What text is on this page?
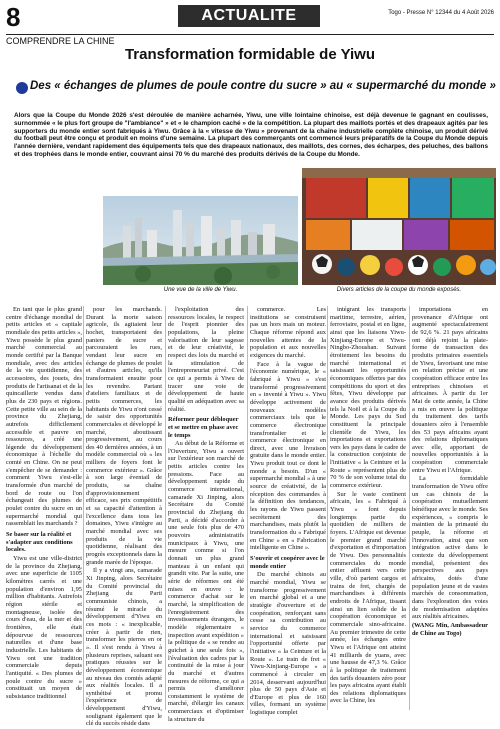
8	ACTUALITE	Togo - Presse N° 12344 du 4 Août 2026
COMPRENDRE LA CHINE
Transformation formidable de Yiwu
Des « échanges de plumes de poule contre du sucre » au « supermarché du monde »
Alors que la Coupe du Monde 2026 s'est déroulée de manière acharnée, Yiwu, une ville lointaine chinoise, est déjà devenue le gagnant en coulisses, surnommée « le plus fort groupe de "l'ambiance" » et « le champion caché » de la compétition. La plupart des maillots portés et des drapeaux agités par les supporters du monde entier sont fabriqués à Yiwu. Grâce à la « vitesse de Yiwu » provenant de la chaîne industrielle complète chinoise, un produit dérivé du football peut être conçu et produit en moins d'une semaine. La plupart des commerçants ont commencé leurs préparatifs de la Coupe du Monde depuis l'année dernière, vendant rapidement des équipements tels que des drapeaux nationaux, des maillots, des cornes, des écharpes, des peluches, des ballons et des trophées dans le monde entier, couvrant ainsi 70 % du marché des produits dérivés de la Coupe du Monde.
Une vue de la ville de Yiwu.	Divers articles de la coupe du monde exposés.

En tant que le plus grand centre d'échange mondial de petits articles et « capitale mondiale des petits articles », Yiwu possède le plus grand marché commercial au monde certifié par la Banque mondiale, avec des articles de la vie quotidienne, des accessoires, des jouets, des produits de l'artisanat et de la quincaillerie vendus dans plus de 230 pays et régions. Cette petite ville au sein de la province du Zhejiang, autrefois difficilement accessible et pauvre en ressources, a créé une légende du développement économique à l'échelle du comté en Chine. On ne peut s'empêcher de se demander : comment Yiwu s'est-elle transformée d'un marché de bord de route ou l'on échangeait des plumes de poulet contre du sucre en un supermarché mondial qui rassemblait les marchands ?

Se baser sur la réalité et s'adapter aux conditions locales.

Yiwu est une ville-district de la province du Zhejiang, avec une superficie de 1105 kilomètres carrés et une population d'environ 1,95 million d'habitants. Autrefois région stérile et montagneuse, isolée des cours d'eau, de la mer et des frontières, elle était dépourvue de ressources naturelles et d'une base industrielle. Les habitants de Yiwu ont une tradition commerciale depuis l'antiquité. « Des plumes de poule contre du sucre » constituait un moyen de subsistance traditionnel

pour les marchands. Durant la morte saison agricole, ils agitaient leur hochet, transportaient des paniers de sucre et parcouraient les rues, vendant leur sucre en échange de plumes de poulet et d'autres articles, qu'ils transformaient ensuite pour les revendre. Partant d'ateliers familiaux et de petits commerces, les habitants de Yiwu n'ont cessé de saisir des opportunités commerciales et développé le marché, aboutissant progressivement, au cours des 40 dernières années, à un modèle commercial où « les milliers de foyers font le commerce extérieur ». Grâce à son large éventail de produits, sa chaîne d'approvisionnement efficace, ses prix compétitifs et sa capacité d'attention à l'excellence dans tous les domaines, Yiwu s'intègre au marché mondial avec ses produits de la vie quotidienne, réalisant des progrès exceptionnels dans la grande marée de l'époque.

Il y a vingt ans, camarade Xi Jinping, alors Secrétaire du Comité provincial du Zhejiang du Parti communiste chinois, a résumé le miracle du développement d'Yiwu en ces mots : « inexplicable, créer à partir de rien, transformer les pierres en or ». Il s'est rendu à Yiwu à plusieurs reprises, saluant ses pratiques réussies sur le développement économique au niveau des comtés adapté aux réalités locales. Il a synthétisé et promu l'expérience de développement d'Yiwu, soulignant également que le clé du succès réside dans

l'exploitation des ressources locales, le respect de l'esprit pionnier des populations, la pleine valorisation de leur sagesse et de leur créativité, le respect des lois du marché et la stimulation de l'entrepreneuriat privé. C'est ce qui a permis à Yiwu de tracer une voie de développement de haute qualité en adéquation avec sa réalité.

Réformer pour débloquer et se mettre en phase avec le temps

Au début de la Réforme et l'Ouverture, Yiwu a ouvert sur l'extérieur son marché de petits articles contre les pressions. Face au développement rapide du commerce international, camarade Xi Jinping, alors Secrétaire du Comité provincial du Zhejiang du Parti, a décidé d'accorder à une seule fois plus de 470 pouvoirs administratifs municipaux à Yiwu, une mesure comme si l'on donnait un plus grand manteau à un enfant qui grandit vite. Par la suite, une série de réformes ont été mises en œuvre : le commerce d'achat sur le marché, la simplification de l'enregistrement des investissements étrangers, le modèle réglementaire « inspection avant expédition » la politique de « se rendre au guichet à une seule fois », l'évaluation des cadres par la continuité de la mise à jour du marché et d'autres mesures de réforme, ce qui a permis d'améliorer constamment le système de marché, d'élargir les canaux commerciaux et d'optimiser la structure du

commerce. Les institutions se construisent pas un hors mais un moteur. Chaque réforme répond aux nouvelles attentes de la population et aux nouvelles exigences du marché.

Face à la vague de l'économie numérique, le « fabriqué à Yiwu » s'est transformé progressivement en « inventé à Yiwu ». Yiwu développe activement de nouveaux modèles commerciaux tels que le commerce électronique transfrontalier et le commerce électronique en direct, avec une livraison gratuite dans le monde entier. Yiwu produit tout ce dont le monde a besoin. D'un « supermarché mondial » à une source de créativité, de la réception des commandes à la définition des tendances, les rayons de Yiwu passent secrètement des marchandises, mais plutôt la transformation du « Fabriqué en Chine » en « Fabrication intelligente en Chine ».

S'ouvrir et coopérer avec le monde entier

Du marché chinois au marché mondial, Yiwu se transforme progressivement en marché global et a une stratégie d'ouverture et de coopération, renforçant sans cesse sa contribution au service du commerce international et saisissant l'opportunité offerte par l'initiative « la Ceinture et la Route ». Le train de fret « Yiwu-Xinjiang-Europe » a commencé à circuler en 2014, desservant aujourd'hui plus de 50 pays d'Asie et d'Europe et plus de 160 villes, formant un système logistique complet

intégrant les transports maritime, terrestre, aérien, ferroviaire, postal et en ligne, ainsi que les liaisons Yiwu-Xinjiang-Europe et Yiwu-Ningbo-Zhoushan. Suivant étroitement les besoins du marché international et saisissant les opportunités économiques offertes par des compétitions du sport et des fêtes, Yiwu développe par avance des produits dérivés tels la Noël et à la Coupe du Monde. Les pays du Sud constituent la principale clientèle de Yiwu, les importations et exportations vers les pays dans le cadre de la construction conjointe de l'initiative « la Ceinture et la Route » représentent plus de 70 % de son volume total du commerce extérieur.

Sur le vaste continent africain, les « Fabriqué à Yiwu » font depuis longtemps partie du quotidien de milliers de foyers. L'Afrique est devenue le premier grand marché d'exportation et d'importation de Yiwu. Des personnalités commerciales du monde entier affluent vers cette ville, d'où partent cargos et trains de fret, chargés de marchandises à différents endroits de l'Afrique, tissant ainsi un lien solide de la coopération économique et commerciale sino-africaine. Au premier trimestre de cette année, les échanges entre Yiwu et l'Afrique ont atteint 41 milliards de yuans, avec une hausse de 47,3 %. Grâce à la politique de traitement des tarifs douaniers zéro pour les pays africains ayant établi des relations diplomatiques avec la Chine, les

importations en provenance d'Afrique ont augmenté spectaculairement de 92,6 %. 21 pays africains ont déjà rejoint la plate-forme de transaction des produits primaires essentiels de Yiwu, favorisant une mise en relation précise et une coopération efficace entre les entreprises chinoises et africaines. À partir du 1er Mai de cette année, la Chine a mis en œuvre la politique du traitement des tarifs douaniers zéro à l'ensemble des 53 pays africains ayant des relations diplomatiques avec elle, apportant de nouvelles opportunités à la coopération commerciale entre Yiwu et l'Afrique.

La formidable transformation de Yiwu offre un cas chinois de la coopération mutuellement bénéfique avec le monde. Ses expériences, « compris le maintien de la primauté du peuple, la réforme et l'innovation, ainsi que son intégration active dans le contexte du développement mondial, présentent des perspectives aux pays africains, dotés d'une population jeune et de vastes marchés de consommation, dans l'exploration des voies de modernisation adaptées aux réalités africaines.

(WANG Min, Ambassadeur de Chine au Togo)
